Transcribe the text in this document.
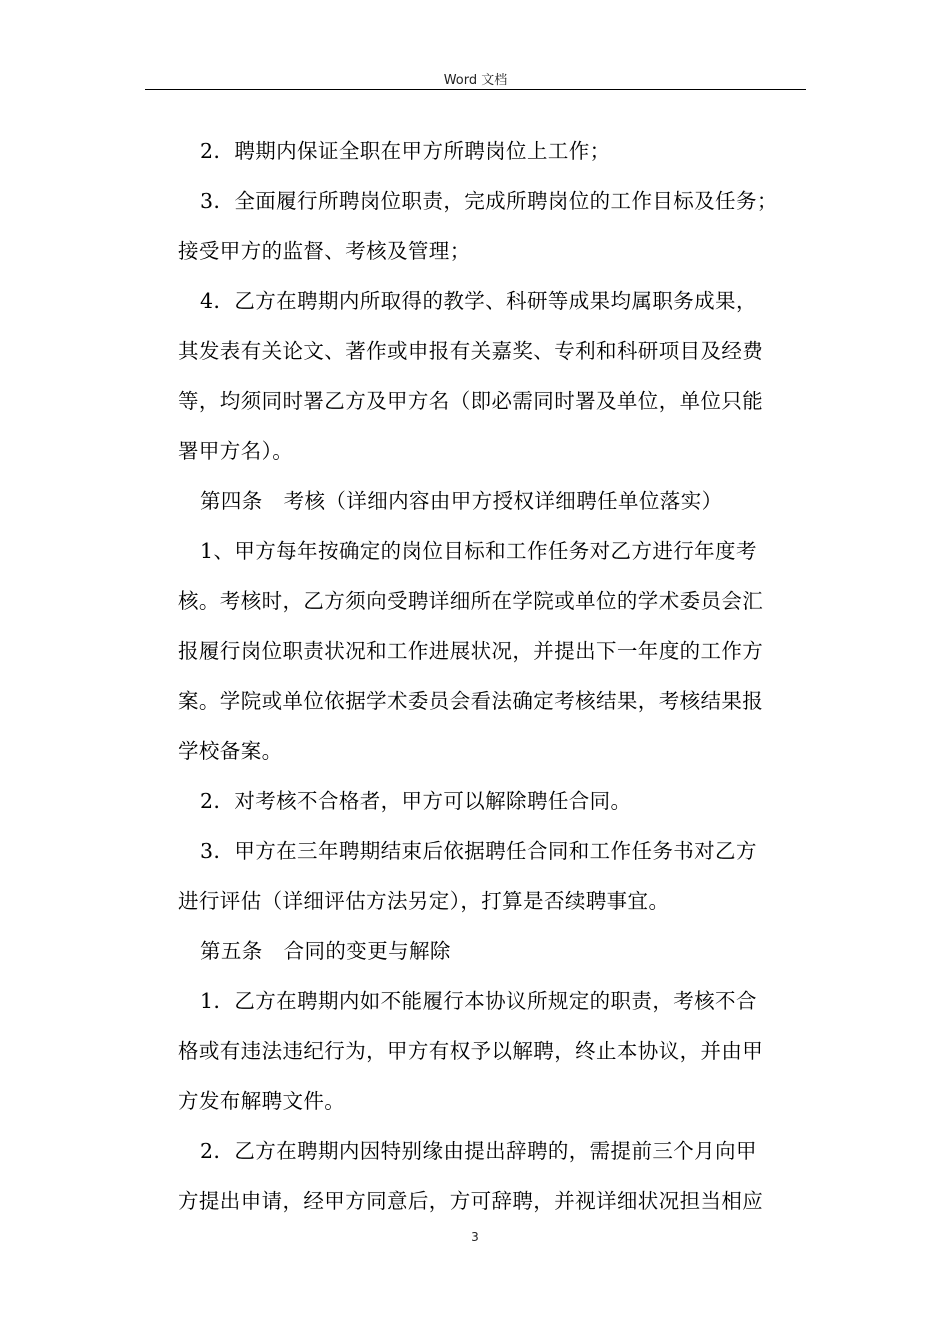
Word 文档
2．聘期内保证全职在甲方所聘岗位上工作；
3．全面履行所聘岗位职责，完成所聘岗位的工作目标及任务；
接受甲方的监督、考核及管理；
4．乙方在聘期内所取得的教学、科研等成果均属职务成果，
其发表有关论文、著作或申报有关嘉奖、专利和科研项目及经费
等，均须同时署乙方及甲方名（即必需同时署及单位，单位只能
署甲方名）。
第四条　考核（详细内容由甲方授权详细聘任单位落实）
1、甲方每年按确定的岗位目标和工作任务对乙方进行年度考
核。考核时，乙方须向受聘详细所在学院或单位的学术委员会汇
报履行岗位职责状况和工作进展状况，并提出下一年度的工作方
案。学院或单位依据学术委员会看法确定考核结果，考核结果报
学校备案。
2．对考核不合格者，甲方可以解除聘任合同。
3．甲方在三年聘期结束后依据聘任合同和工作任务书对乙方
进行评估（详细评估方法另定），打算是否续聘事宜。
第五条　合同的变更与解除
1．乙方在聘期内如不能履行本协议所规定的职责，考核不合
格或有违法违纪行为，甲方有权予以解聘，终止本协议，并由甲
方发布解聘文件。
2．乙方在聘期内因特别缘由提出辞聘的，需提前三个月向甲
方提出申请，经甲方同意后，方可辞聘，并视详细状况担当相应
3
